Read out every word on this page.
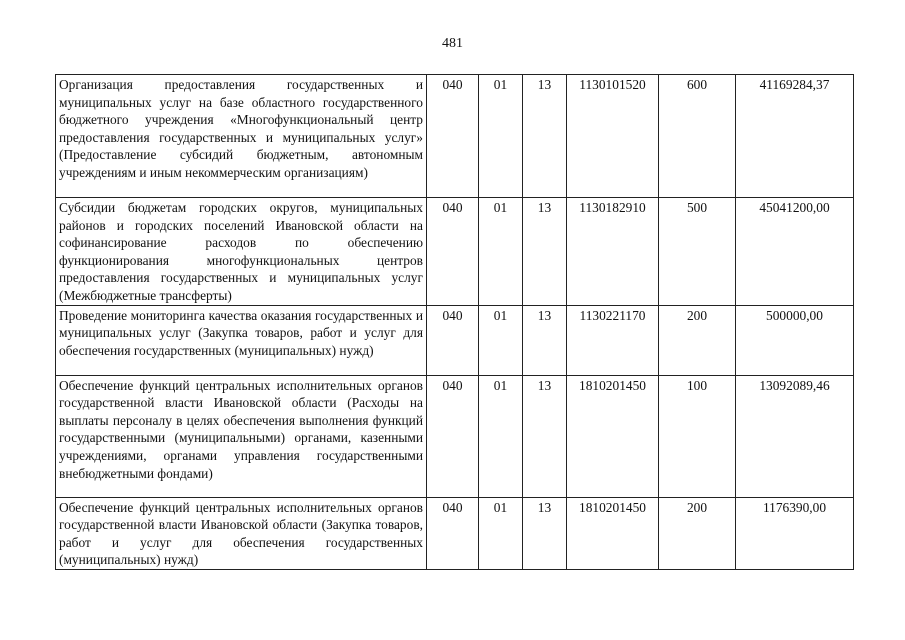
481
Организация предоставления государственных и муниципальных услуг на базе областного государственного бюджетного учреждения «Многофункциональный центр предоставления государственных и муниципальных услуг» (Предоставление субсидий бюджетным, автономным учреждениям и иным некоммерческим организациям)	040	01	13	1130101520	600	41169284,37

Субсидии бюджетам городских округов, муниципальных районов и городских поселений Ивановской области на софинансирование расходов по обеспечению функционирования многофункциональных центров предоставления государственных и муниципальных услуг (Межбюджетные трансферты)	040	01	13	1130182910	500	45041200,00

Проведение мониторинга качества оказания государственных и муниципальных услуг (Закупка товаров, работ и услуг для обеспечения государственных (муниципальных) нужд)	040	01	13	1130221170	200	500000,00

Обеспечение функций центральных исполнительных органов государственной власти Ивановской области (Расходы на выплаты персоналу в целях обеспечения выполнения функций государственными (муниципальными) органами, казенными учреждениями, органами управления государственными внебюджетными фондами)	040	01	13	1810201450	100	13092089,46

Обеспечение функций центральных исполнительных органов государственной власти Ивановской области (Закупка товаров, работ и услуг для обеспечения государственных (муниципальных) нужд)	040	01	13	1810201450	200	1176390,00
